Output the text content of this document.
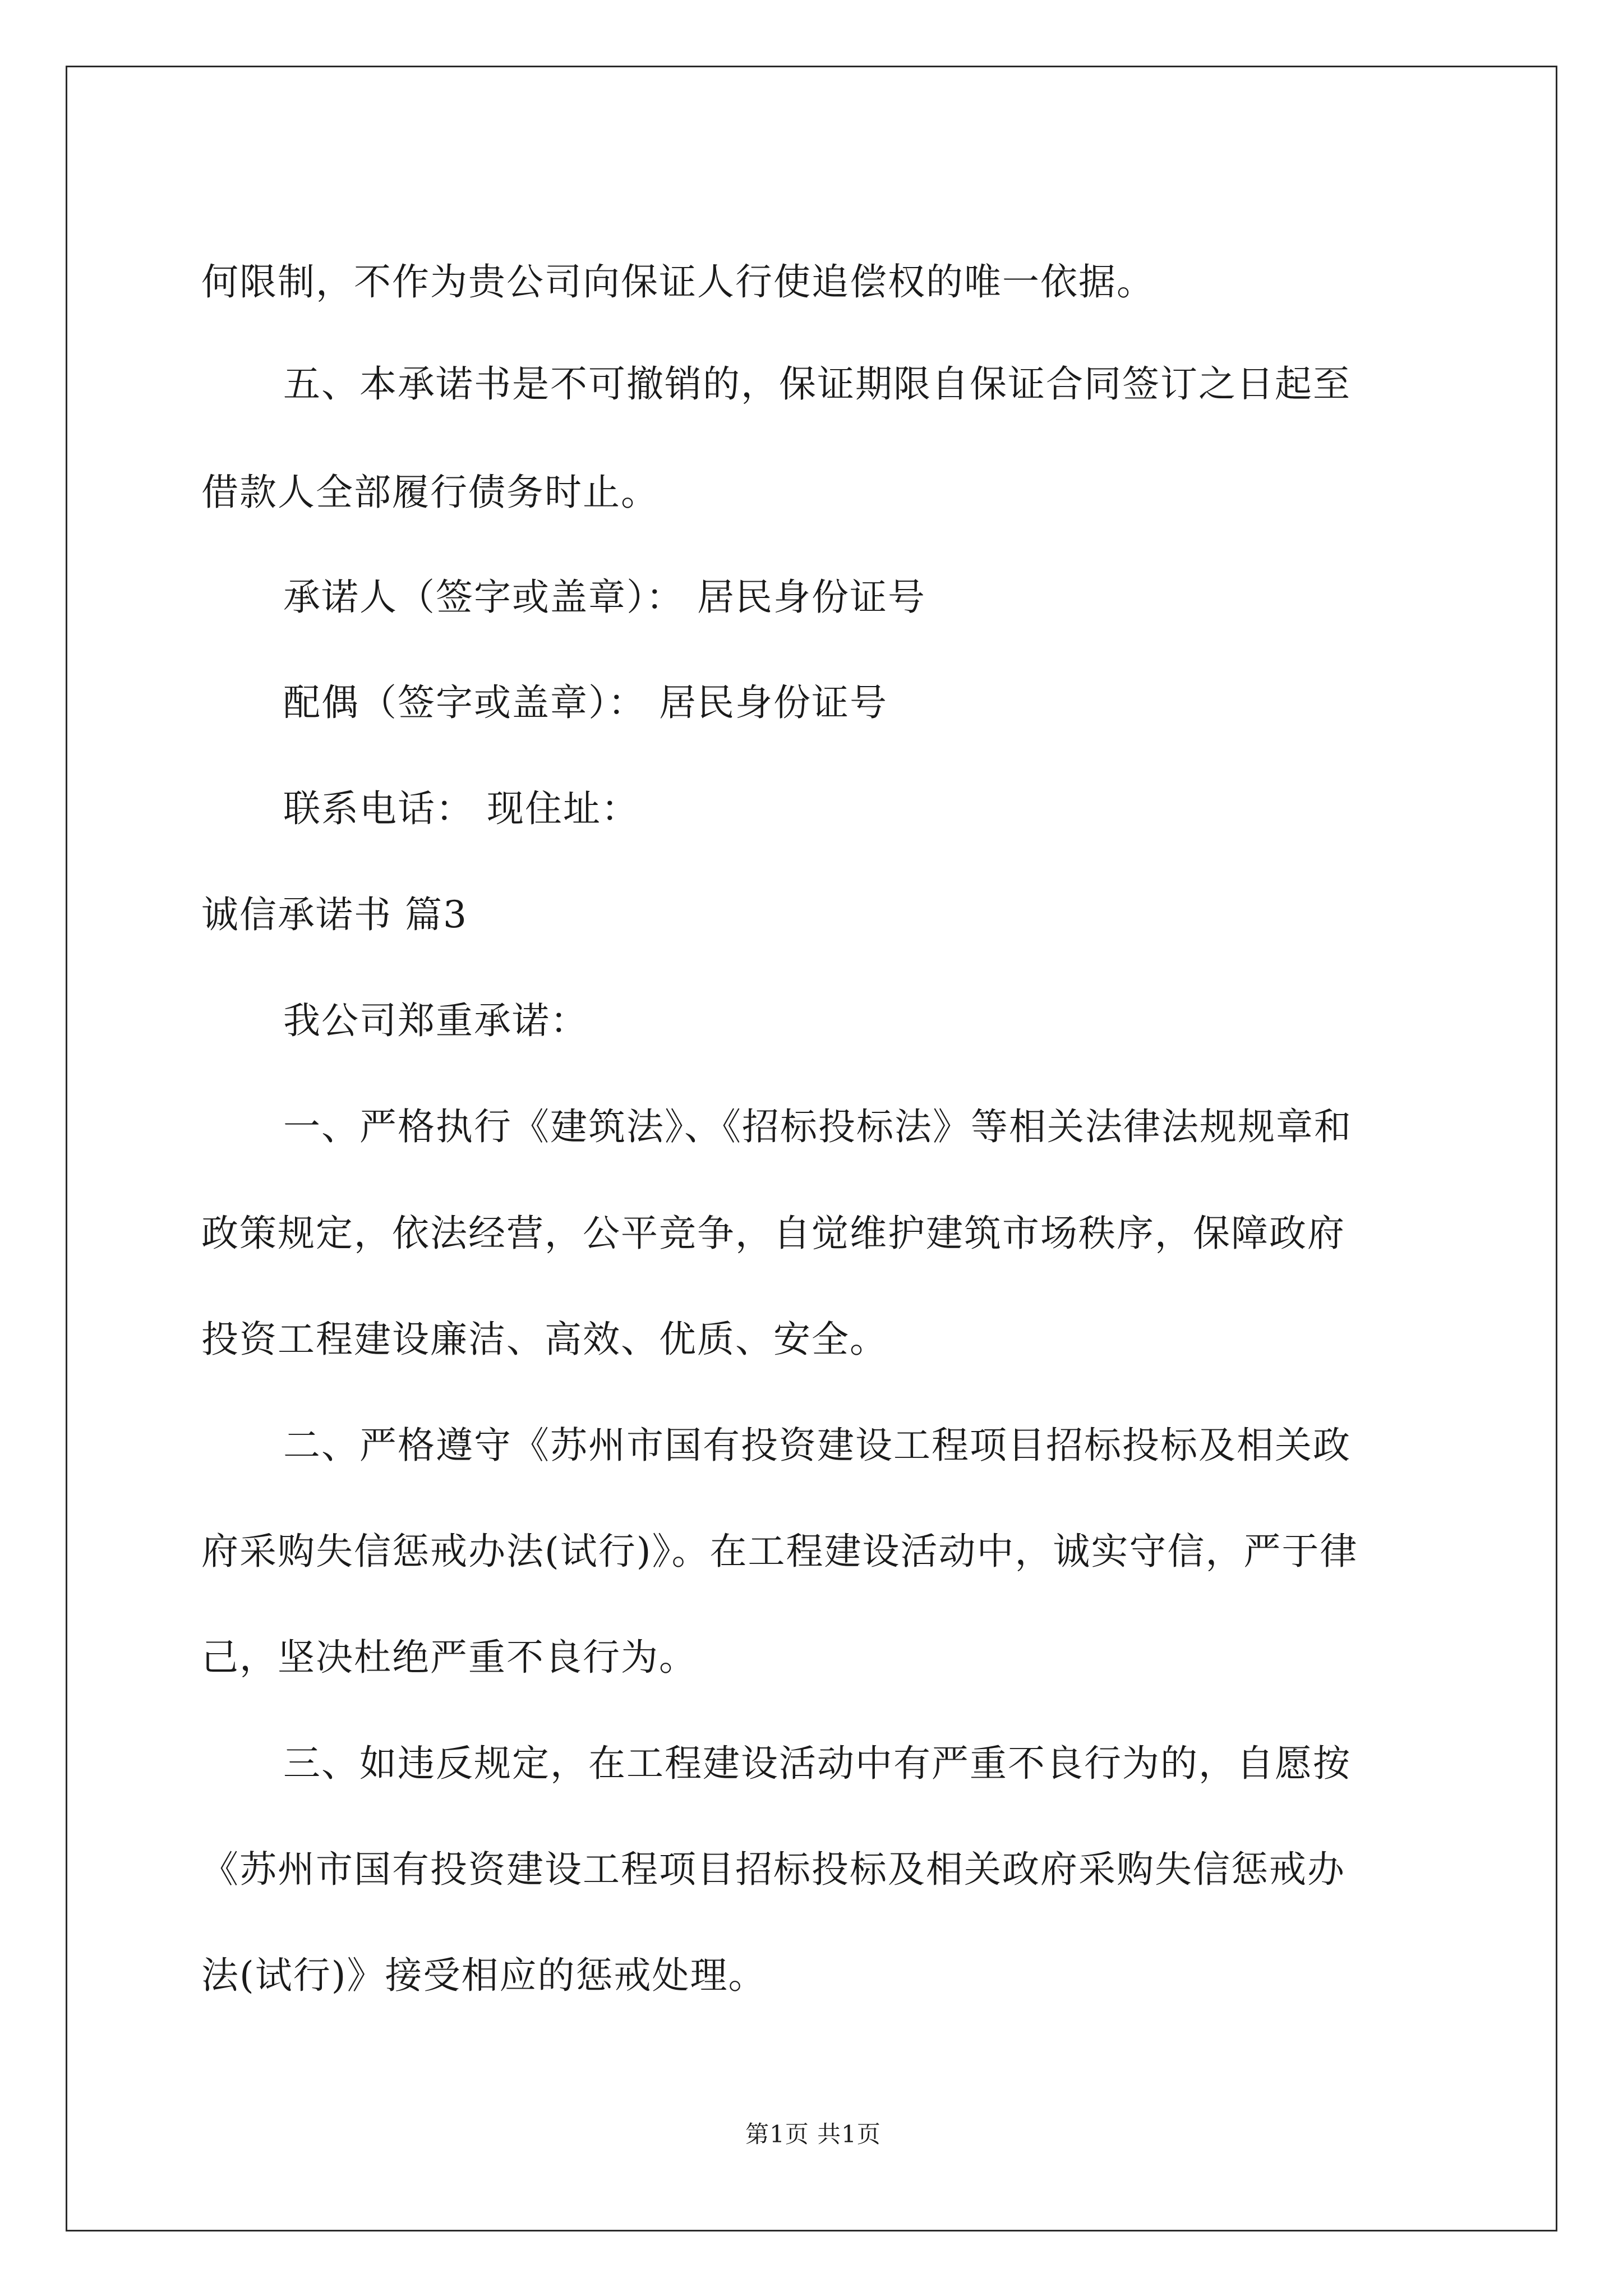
何限制，不作为贵公司向保证人行使追偿权的唯一依据。

五、本承诺书是不可撤销的，保证期限自保证合同签订之日起至

借款人全部履行债务时止。

承诺人（签字或盖章）： 居民身份证号

配偶（签字或盖章）： 居民身份证号

联系电话： 现住址：

诚信承诺书 篇3

我公司郑重承诺：

一、严格执行《建筑法》、《招标投标法》等相关法律法规规章和

政策规定，依法经营，公平竞争，自觉维护建筑市场秩序，保障政府

投资工程建设廉洁、高效、优质、安全。

二、严格遵守《苏州市国有投资建设工程项目招标投标及相关政

府采购失信惩戒办法(试行)》。在工程建设活动中，诚实守信，严于律

己，坚决杜绝严重不良行为。

三、如违反规定，在工程建设活动中有严重不良行为的，自愿按

《苏州市国有投资建设工程项目招标投标及相关政府采购失信惩戒办

法(试行)》接受相应的惩戒处理。

第1页 共1页
